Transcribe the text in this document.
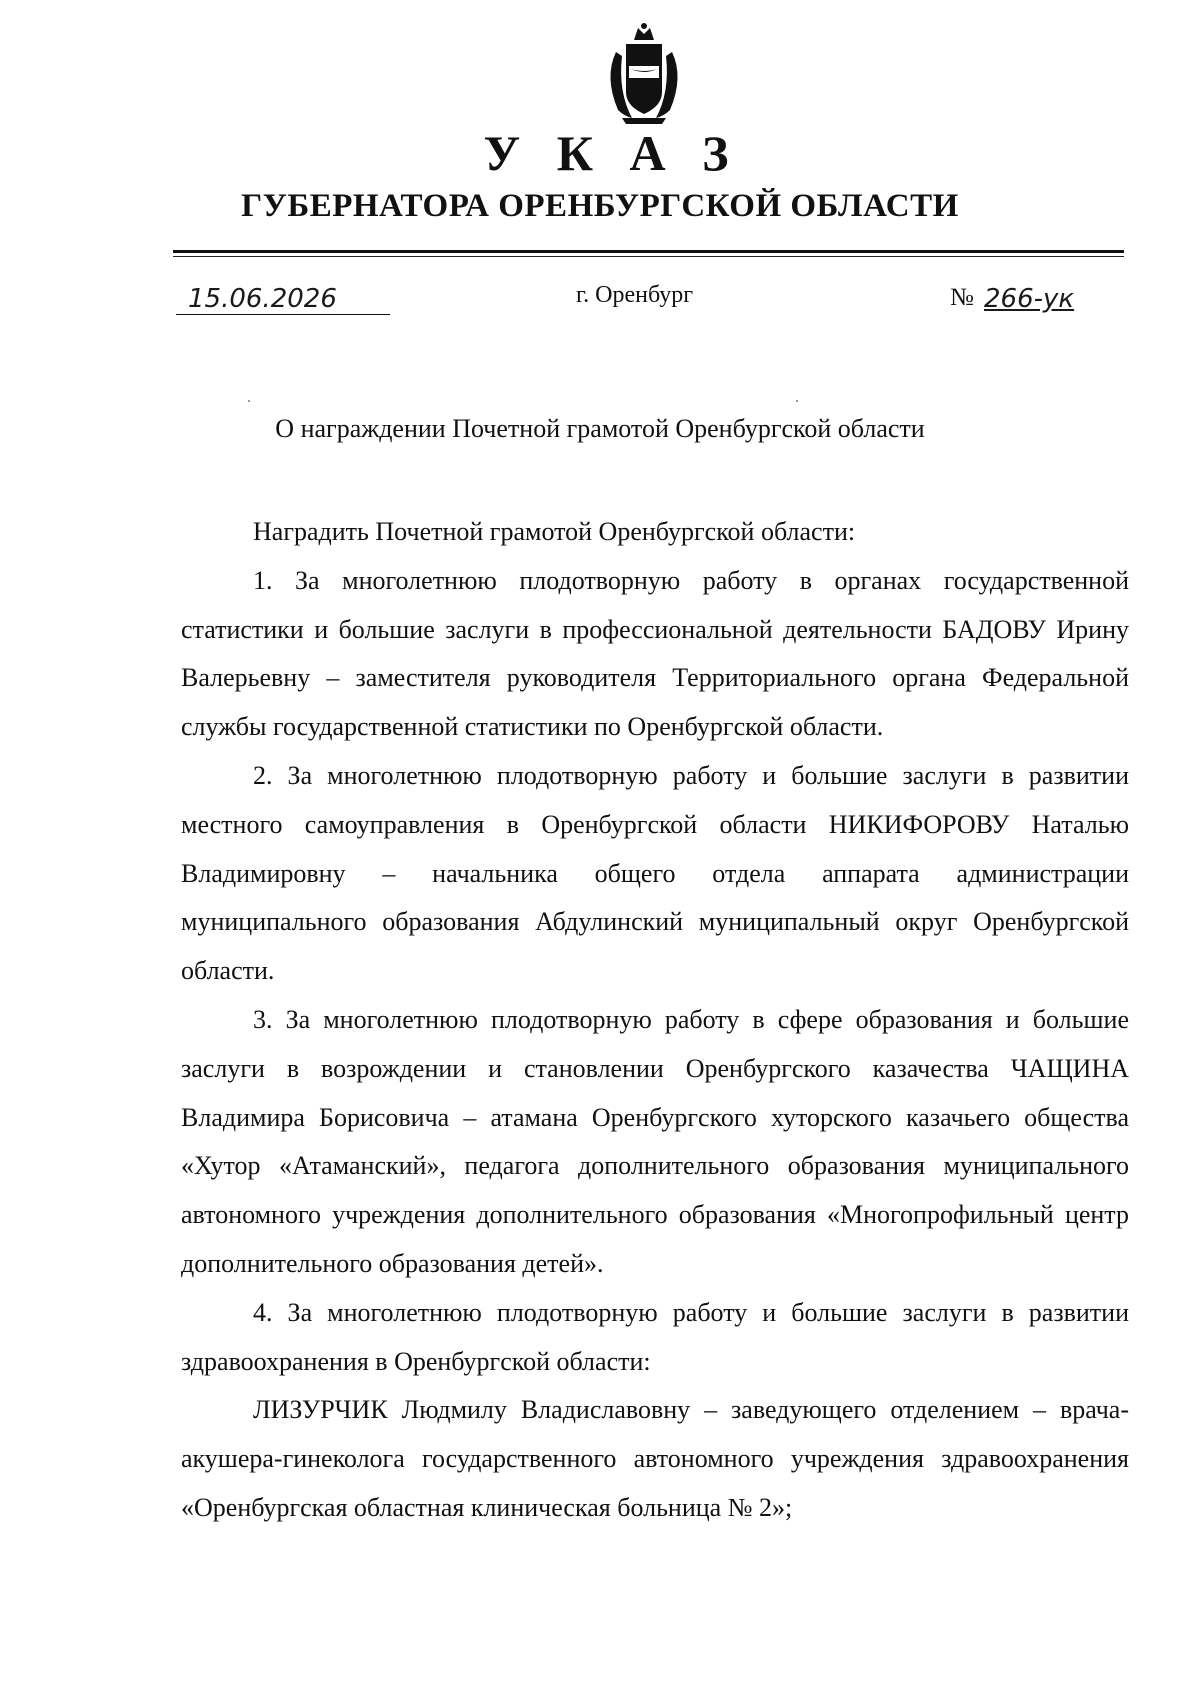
У К А З
ГУБЕРНАТОРА ОРЕНБУРГСКОЙ ОБЛАСТИ
15.06.2026	г. Оренбург	№ 266-ук
О награждении Почетной грамотой Оренбургской области

Наградить Почетной грамотой Оренбургской области:

1. За многолетнюю плодотворную работу в органах государственной статистики и большие заслуги в профессиональной деятельности БАДОВУ Ирину Валерьевну – заместителя руководителя Территориального органа Федеральной службы государственной статистики по Оренбургской области.

2. За многолетнюю плодотворную работу и большие заслуги в развитии местного самоуправления в Оренбургской области НИКИФОРОВУ Наталью Владимировну – начальника общего отдела аппарата администрации муниципального образования Абдулинский муниципальный округ Оренбургской области.

3. За многолетнюю плодотворную работу в сфере образования и большие заслуги в возрождении и становлении Оренбургского казачества ЧАЩИНА Владимира Борисовича – атамана Оренбургского хуторского казачьего общества «Хутор «Атаманский», педагога дополнительного образования муниципального автономного учреждения дополнительного образования «Многопрофильный центр дополнительного образования детей».

4. За многолетнюю плодотворную работу и большие заслуги в развитии здравоохранения в Оренбургской области:

ЛИЗУРЧИК Людмилу Владиславовну – заведующего отделением – врача-акушера-гинеколога государственного автономного учреждения здравоохранения «Оренбургская областная клиническая больница № 2»;
